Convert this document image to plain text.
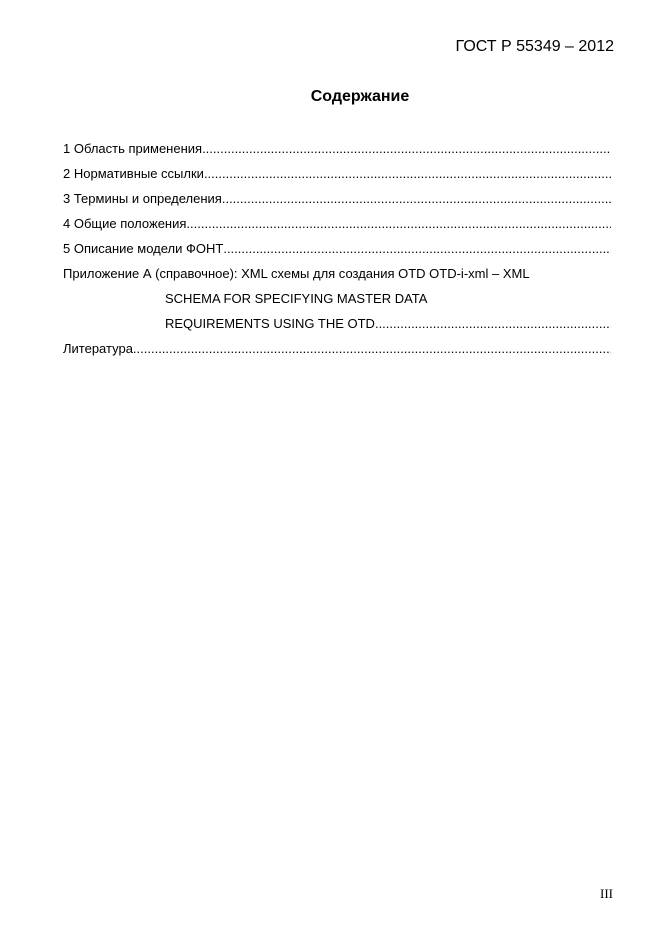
ГОСТ Р 55349 – 2012
Содержание
1 Область применения
.....
2 Нормативные ссылки
.....
3 Термины и определения
.....
4 Общие положения
.....
5 Описание модели ФОНТ
.....
Приложение А (справочное): XML схемы для создания OTD OTD-i-xml – XML
SCHEMA FOR SPECIFYING MASTER DATA
REQUIREMENTS USING THE OTD
.....
Литература
.....
III
